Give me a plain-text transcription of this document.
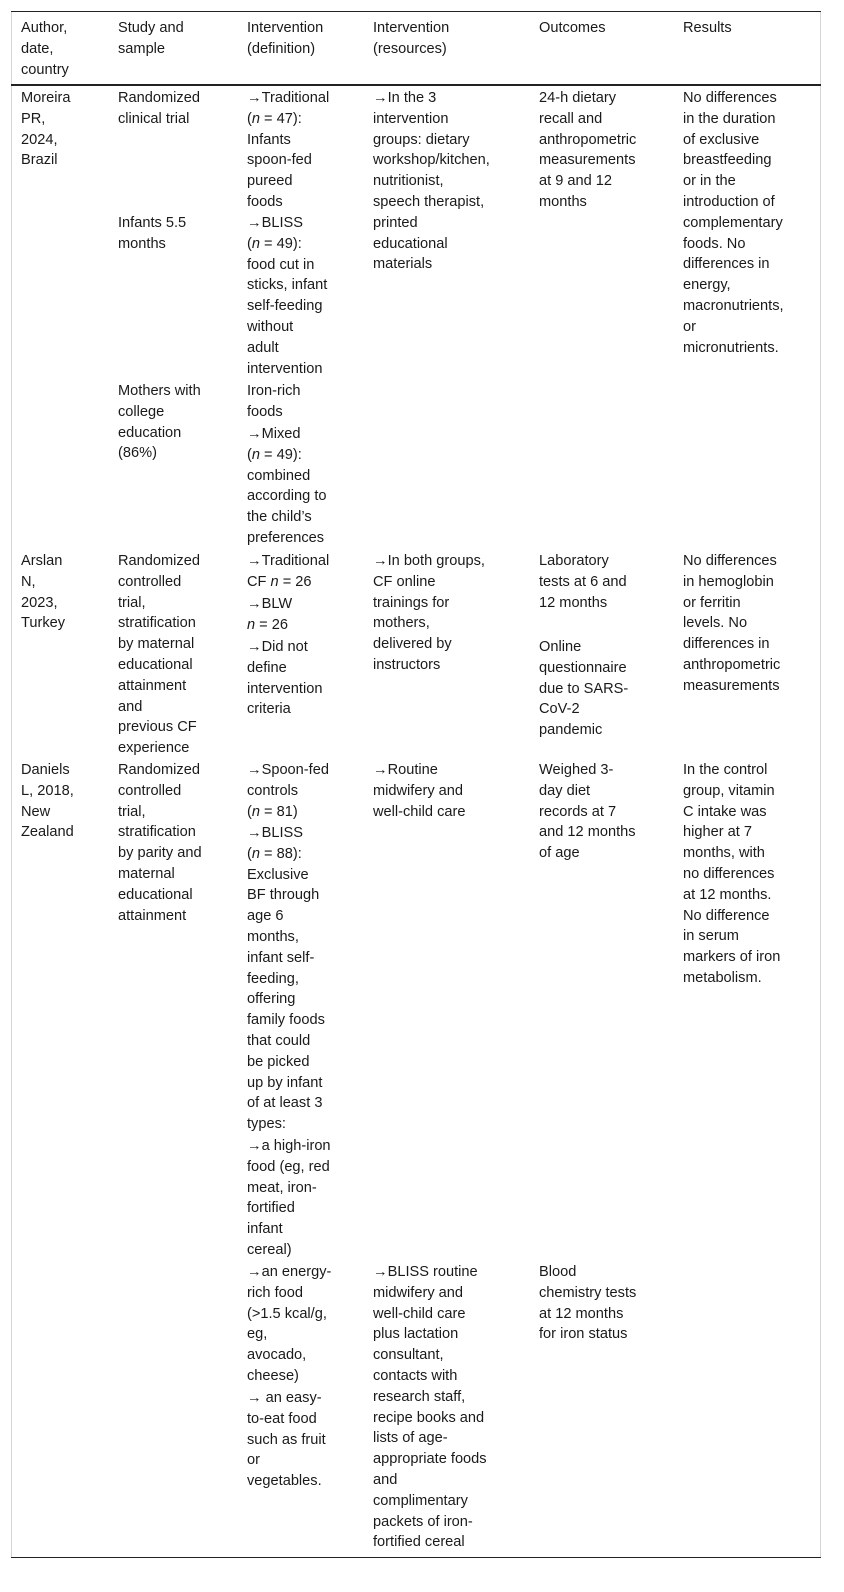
Author,
date,
country
Study and
sample
Intervention
(definition)
Intervention
(resources)
Outcomes	Results
Moreira
PR,
2024,
Brazil
Randomized
clinical trial
Infants 5.5
months
Mothers with
college
education
(86%)
→Traditional
(n = 47):
Infants
spoon-fed
pureed
foods
→BLISS
(n = 49):
food cut in
sticks, infant
self-feeding
without
adult
intervention
Iron-rich
foods
→Mixed
(n = 49):
combined
according to
the child’s
preferences
→In the 3
intervention
groups: dietary
workshop/kitchen,
nutritionist,
speech therapist,
printed
educational
materials
24-h dietary
recall and
anthropometric
measurements
at 9 and 12
months
No differences
in the duration
of exclusive
breastfeeding
or in the
introduction of
complementary
foods. No
differences in
energy,
macronutrients,
or
micronutrients.
Arslan
N,
2023,
Turkey
Randomized
controlled
trial,
stratification
by maternal
educational
attainment
and
previous CF
experience
→Traditional
CF n = 26
→BLW
n = 26
→Did not
define
intervention
criteria
→In both groups,
CF online
trainings for
mothers,
delivered by
instructors
Laboratory
tests at 6 and
12 months
Online
questionnaire
due to SARS-
CoV-2
pandemic
No differences
in hemoglobin
or ferritin
levels. No
differences in
anthropometric
measurements
Daniels
L, 2018,
New
Zealand
Randomized
controlled
trial,
stratification
by parity and
maternal
educational
attainment
→Spoon-fed
controls
(n = 81)
→BLISS
(n = 88):
Exclusive
BF through
age 6
months,
infant self-
feeding,
offering
family foods
that could
be picked
up by infant
of at least 3
types:
→a high-iron
food (eg, red
meat, iron-
fortified
infant
cereal)
→an energy-
rich food
(>1.5 kcal/g,
eg,
avocado,
cheese)
→ an easy-
to-eat food
such as fruit
or
vegetables.
→Routine
midwifery and
well-child care
→BLISS routine
midwifery and
well-child care
plus lactation
consultant,
contacts with
research staff,
recipe books and
lists of age-
appropriate foods
and
complimentary
packets of iron-
fortified cereal
Weighed 3-
day diet
records at 7
and 12 months
of age
Blood
chemistry tests
at 12 months
for iron status
In the control
group, vitamin
C intake was
higher at 7
months, with
no differences
at 12 months.
No difference
in serum
markers of iron
metabolism.
